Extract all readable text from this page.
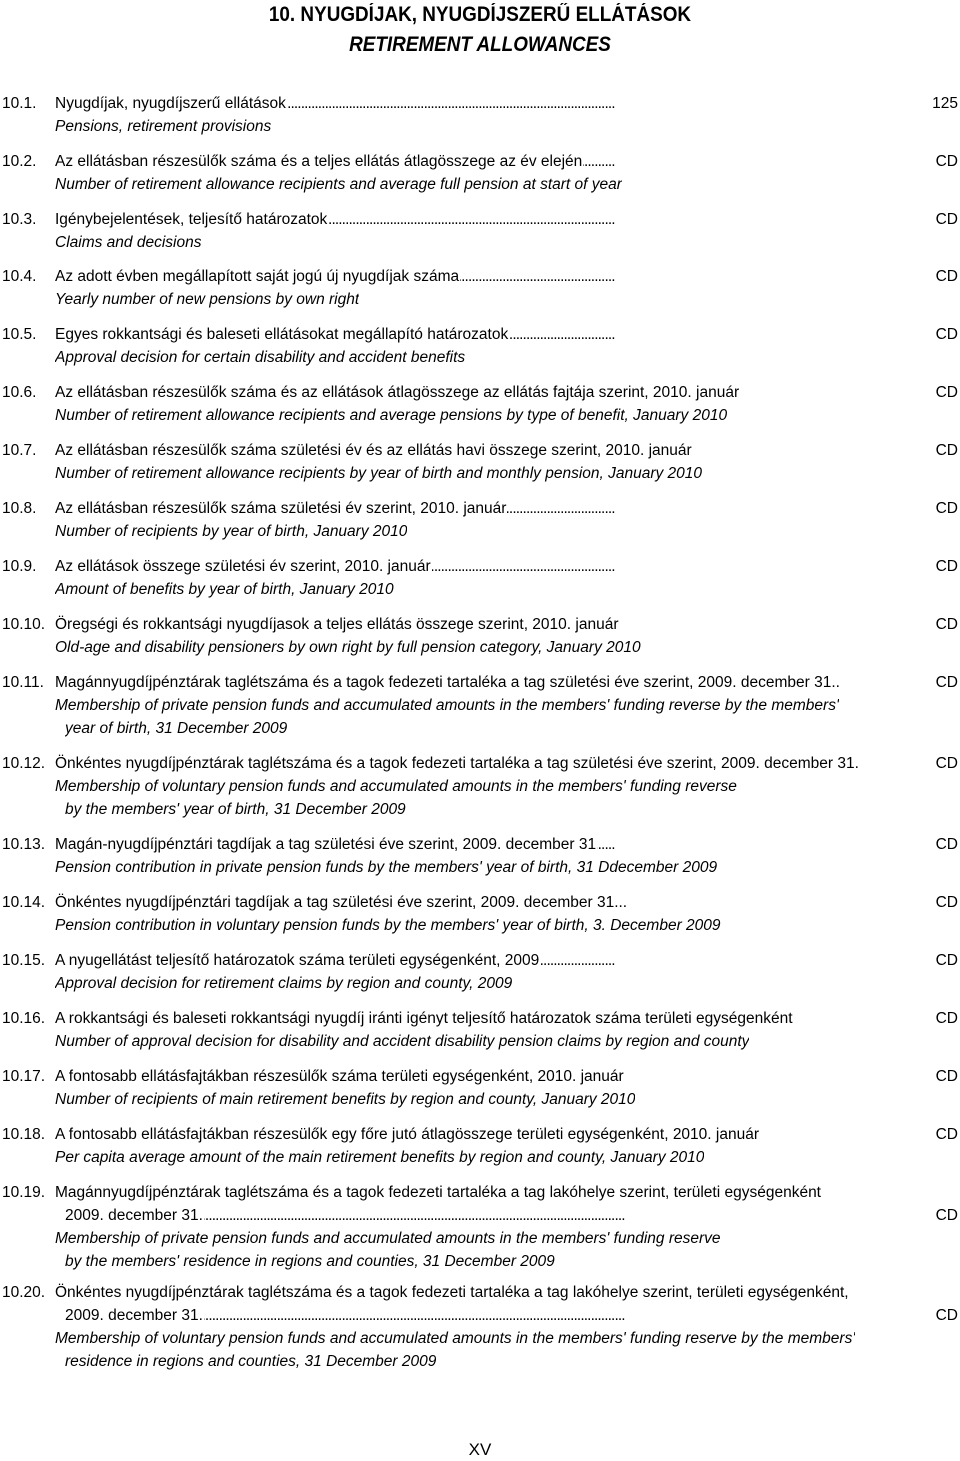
10. NYUGDÍJAK, NYUGDÍJSZERŰ ELLÁTÁSOK
RETIREMENT ALLOWANCES
10.1. Nyugdíjak, nyugdíjszerű ellátások . . .	125
Pensions, retirement provisions
10.2. Az ellátásban részesülők száma és a teljes ellátás átlagösszege az év elején . . .	CD
Number of retirement allowance recipients and average full pension at start of year
10.3. Igénybejelentések, teljesítő határozatok . . .	CD
Claims and decisions
10.4. Az adott évben megállapított saját jogú új nyugdíjak száma . . .	CD
Yearly number of new pensions by own right
10.5. Egyes rokkantsági és baleseti ellátásokat megállapító határozatok . . .	CD
Approval decision for certain disability and accident benefits
10.6. Az ellátásban részesülők száma és az ellátások átlagösszege az ellátás fajtája szerint, 2010. január . . .	CD
Number of retirement allowance recipients and average pensions by type of benefit, January 2010
10.7. Az ellátásban részesülők száma születési év és az ellátás havi összege szerint, 2010. január . . .	CD
Number of retirement allowance recipients by year of birth and monthly pension, January 2010
10.8. Az ellátásban részesülők száma születési év szerint, 2010. január . . .	CD
Number of recipients by year of birth, January 2010
10.9. Az ellátások összege születési év szerint, 2010. január . . .	CD
Amount of benefits by year of birth, January 2010
10.10. Öregségi és rokkantsági nyugdíjasok a teljes ellátás összege szerint, 2010. január . . .	CD
Old-age and disability pensioners by own right by full pension category, January 2010
10.11. Magánnyugdíjpénztárak taglétszáma és a tagok fedezeti tartaléka a tag születési éve szerint, 2009. december 31.. . . .	CD
Membership of private pension funds and accumulated amounts in the members' funding reverse by the members'
year of birth, 31 December 2009
10.12. Önkéntes nyugdíjpénztárak taglétszáma és a tagok fedezeti tartaléka a tag születési éve szerint, 2009. december 31. . . .	CD
Membership of voluntary pension funds and accumulated amounts in the members' funding reverse
by the members' year of birth, 31 December 2009
10.13. Magán-nyugdíjpénztári tagdíjak a tag születési éve szerint, 2009. december 31 . . .	CD
Pension contribution in private pension funds by the members' year of birth, 31 Ddecember 2009
10.14. Önkéntes nyugdíjpénztári tagdíjak a tag születési éve szerint, 2009. december 31... . . .	CD
Pension contribution in voluntary pension funds by the members' year of birth, 3. December 2009
10.15. A nyugellátást teljesítő határozatok száma területi egységenként, 2009 . . .	CD
Approval decision for retirement claims by region and county, 2009
10.16. A rokkantsági és baleseti rokkantsági nyugdíj iránti igényt teljesítő határozatok száma területi egységenként . . .	CD
Number of approval decision for disability and accident disability pension claims by region and county
10.17. A fontosabb ellátásfajtákban részesülők száma területi egységenként, 2010. január . . .	CD
Number of recipients of main retirement benefits by region and county, January 2010
10.18. A fontosabb ellátásfajtákban részesülők egy főre jutó átlagösszege területi egységenként, 2010. január . . .	CD
Per capita average amount of the main retirement benefits by region and county, January 2010
10.19. Magánnyugdíjpénztárak taglétszáma és a tagok fedezeti tartaléka a tag lakóhelye szerint, területi egységenként
2009. december 31. . . .	CD
Membership of private pension funds and accumulated amounts in the members' funding reserve
by the members' residence in regions and counties, 31 December 2009
10.20. Önkéntes nyugdíjpénztárak taglétszáma és a tagok fedezeti tartaléka a tag lakóhelye szerint, területi egységenként,
2009. december 31. . . .	CD
Membership of voluntary pension funds and accumulated amounts in the members' funding reserve by the members'
residence in regions and counties, 31 December 2009
XV
